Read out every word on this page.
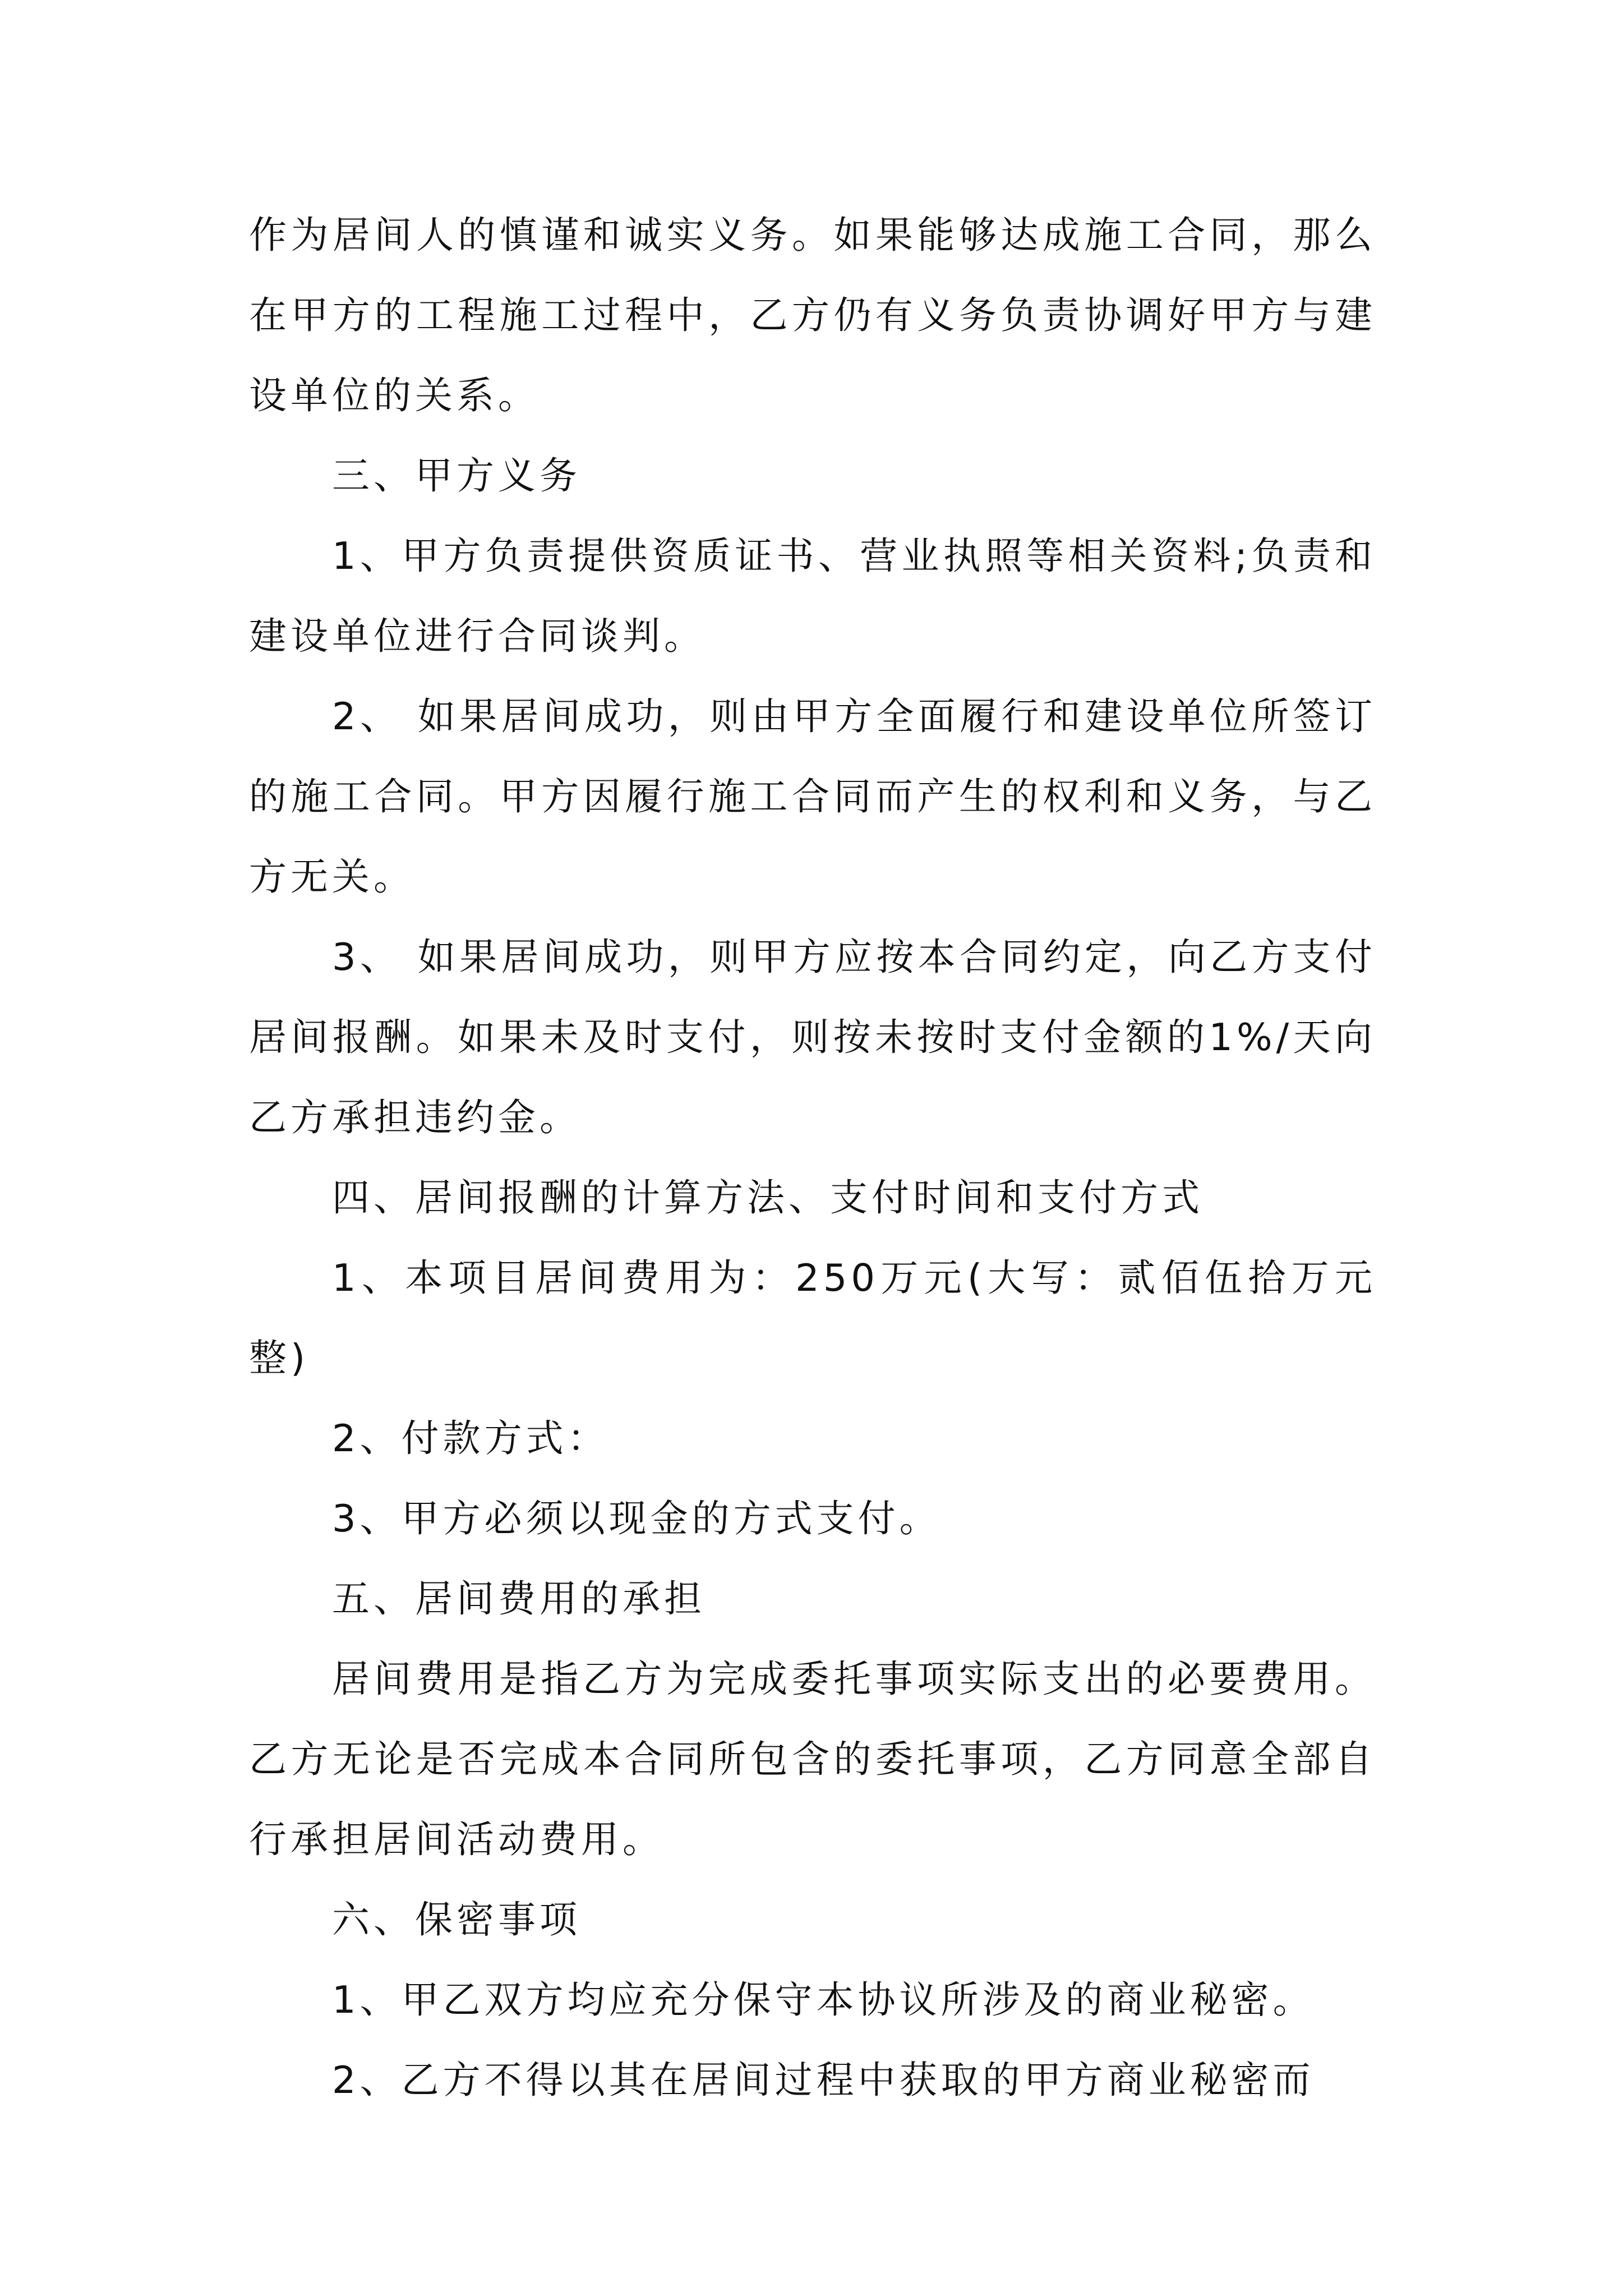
作为居间人的慎谨和诚实义务。如果能够达成施工合同，那么在甲方的工程施工过程中，乙方仍有义务负责协调好甲方与建设单位的关系。

三、甲方义务

1、甲方负责提供资质证书、营业执照等相关资料;负责和建设单位进行合同谈判。

2、 如果居间成功，则由甲方全面履行和建设单位所签订的施工合同。甲方因履行施工合同而产生的权利和义务，与乙方无关。

3、 如果居间成功，则甲方应按本合同约定，向乙方支付居间报酬。如果未及时支付，则按未按时支付金额的1%/天向乙方承担违约金。

四、居间报酬的计算方法、支付时间和支付方式

1、本项目居间费用为：250万元(大写：贰佰伍拾万元整)

2、付款方式：

3、甲方必须以现金的方式支付。

五、居间费用的承担

居间费用是指乙方为完成委托事项实际支出的必要费用。乙方无论是否完成本合同所包含的委托事项，乙方同意全部自行承担居间活动费用。

六、保密事项

1、甲乙双方均应充分保守本协议所涉及的商业秘密。

2、乙方不得以其在居间过程中获取的甲方商业秘密而
